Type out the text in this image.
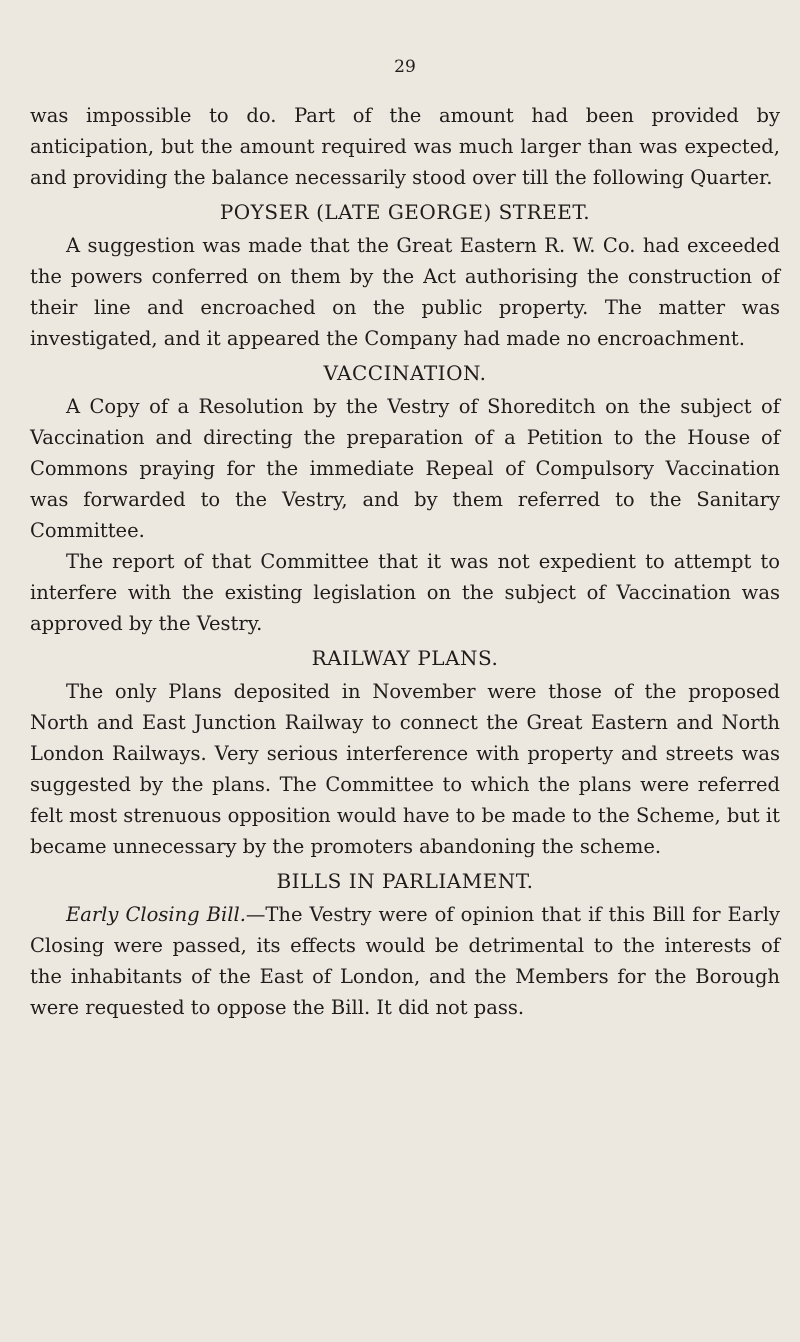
29

was impossible to do. Part of the amount had been provided by anticipation, but the amount required was much larger than was expected, and providing the balance necessarily stood over till the following Quarter.

POYSER (LATE GEORGE) STREET.

A suggestion was made that the Great Eastern R. W. Co. had exceeded the powers conferred on them by the Act authorising the construction of their line and encroached on the public property. The matter was investigated, and it appeared the Company had made no encroachment.

VACCINATION.

A Copy of a Resolution by the Vestry of Shoreditch on the subject of Vaccination and directing the preparation of a Petition to the House of Commons praying for the immediate Repeal of Compulsory Vaccination was forwarded to the Vestry, and by them referred to the Sanitary Committee.

The report of that Committee that it was not expedient to attempt to interfere with the existing legislation on the subject of Vaccination was approved by the Vestry.

RAILWAY PLANS.

The only Plans deposited in November were those of the proposed North and East Junction Railway to connect the Great Eastern and North London Railways. Very serious interference with property and streets was suggested by the plans. The Committee to which the plans were referred felt most strenuous opposition would have to be made to the Scheme, but it became unnecessary by the promoters abandoning the scheme.

BILLS IN PARLIAMENT.

Early Closing Bill.—The Vestry were of opinion that if this Bill for Early Closing were passed, its effects would be detrimental to the interests of the inhabitants of the East of London, and the Members for the Borough were requested to oppose the Bill. It did not pass.
